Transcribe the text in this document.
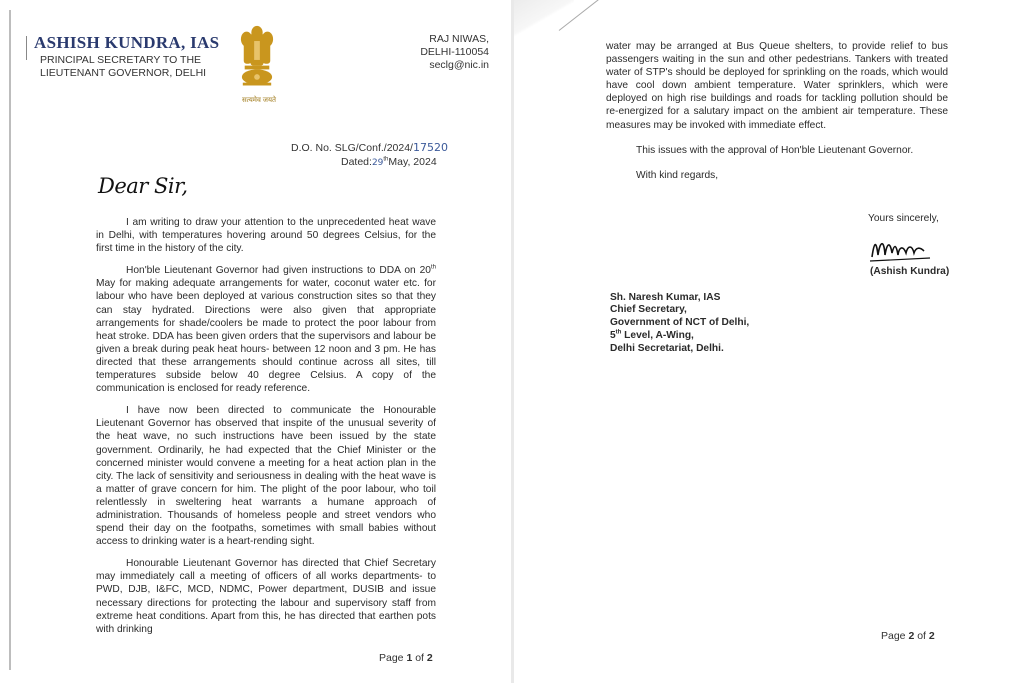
ASHISH KUNDRA, IAS
PRINCIPAL SECRETARY TO THE
LIEUTENANT GOVERNOR, DELHI
सत्यमेव जयते
RAJ NIWAS,
DELHI-110054
seclg@nic.in
D.O. No. SLG/Conf./2024/17520
Dated:29thMay, 2024
Dear Sir,

I am writing to draw your attention to the unprecedented heat wave in Delhi, with temperatures hovering around 50 degrees Celsius, for the first time in the history of the city.

Hon'ble Lieutenant Governor had given instructions to DDA on 20th May for making adequate arrangements for water, coconut water etc. for labour who have been deployed at various construction sites so that they can stay hydrated. Directions were also given that appropriate arrangements for shade/coolers be made to protect the poor labour from heat stroke. DDA has been given orders that the supervisors and labour be given a break during peak heat hours- between 12 noon and 3 pm. He has directed that these arrangements should continue across all sites, till temperatures subside below 40 degree Celsius. A copy of the communication is enclosed for ready reference.

I have now been directed to communicate the Honourable Lieutenant Governor has observed that inspite of the unusual severity of the heat wave, no such instructions have been issued by the state government. Ordinarily, he had expected that the Chief Minister or the concerned minister would convene a meeting for a heat action plan in the city. The lack of sensitivity and seriousness in dealing with the heat wave is a matter of grave concern for him. The plight of the poor labour, who toil relentlessly in sweltering heat warrants a humane approach of administration. Thousands of homeless people and street vendors who spend their day on the footpaths, sometimes with small babies without access to drinking water is a heart-rending sight.

Honourable Lieutenant Governor has directed that Chief Secretary may immediately call a meeting of officers of all works departments- to PWD, DJB, I&FC, MCD, NDMC, Power department, DUSIB and issue necessary directions for protecting the labour and supervisory staff from extreme heat conditions. Apart from this, he has directed that earthen pots with drinking

Page 1 of 2

water may be arranged at Bus Queue shelters, to provide relief to bus passengers waiting in the sun and other pedestrians. Tankers with treated water of STP's should be deployed for sprinkling on the roads, which would have cool down ambient temperature. Water sprinklers, which were deployed on high rise buildings and roads for tackling pollution should be re-energized for a salutary impact on the ambient air temperature. These measures may be invoked with immediate effect.

This issues with the approval of Hon'ble Lieutenant Governor.
With kind regards,
Yours sincerely,
(Ashish Kundra)
Sh. Naresh Kumar, IAS
Chief Secretary,
Government of NCT of Delhi,
5th Level, A-Wing,
Delhi Secretariat, Delhi.
Page 2 of 2
